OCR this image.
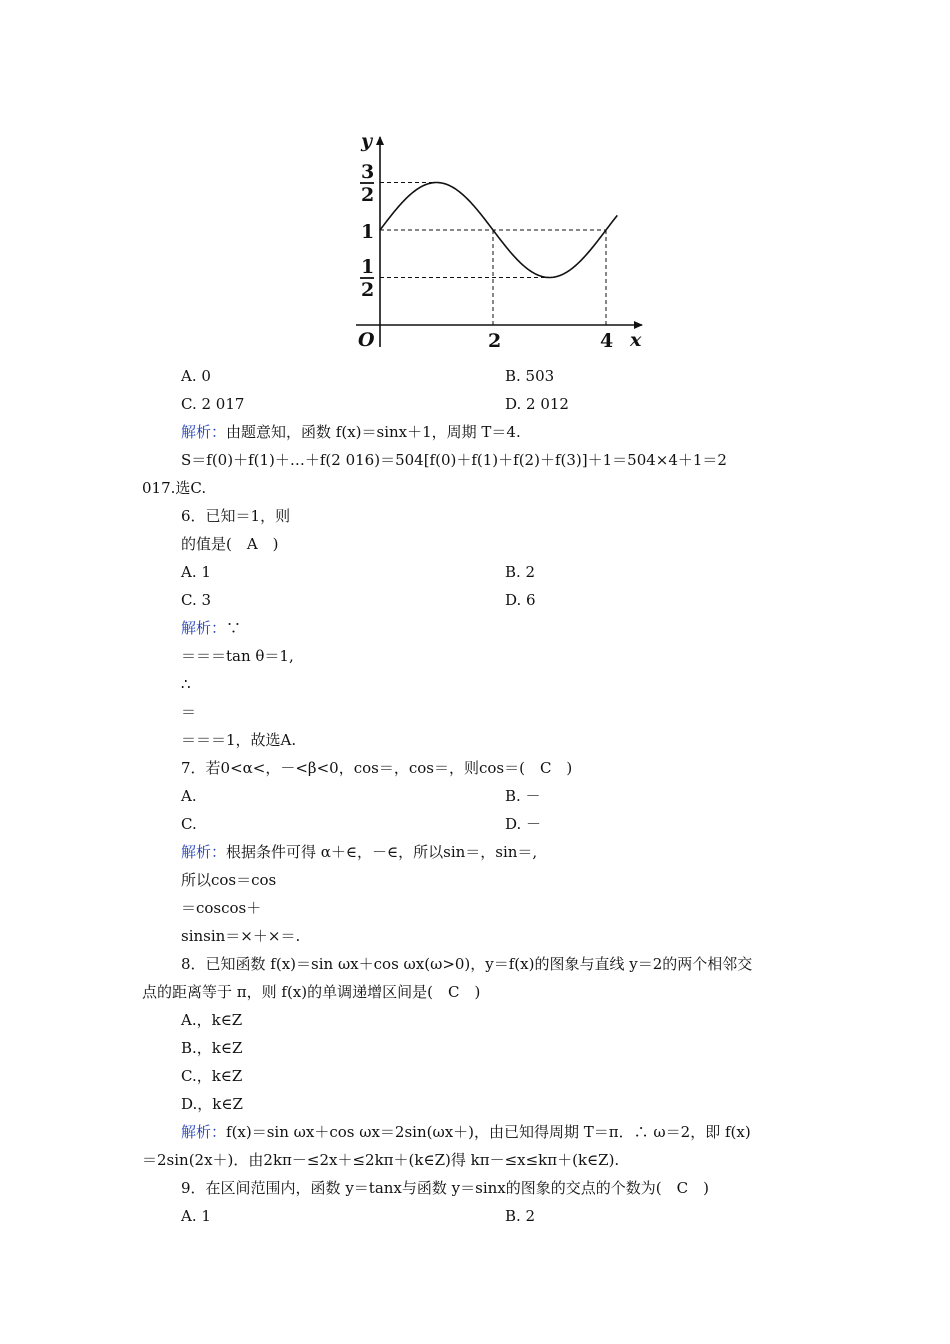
y
x
O	2	4
3
2
1
1
2
A. 0	B. 503
C. 2 017	D. 2 012
解析：由题意知，函数 f(x)＝sinx＋1，周期 T＝4.
S＝f(0)＋f(1)＋…＋f(2 016)＝504[f(0)＋f(1)＋f(2)＋f(3)]＋1＝504×4＋1＝2
017.选C.
6．已知＝1，则
的值是(　A　)
A. 1	B. 2
C. 3	D. 6
解析：∵
＝＝＝tan θ＝1,
∴
＝
＝＝＝1，故选A.
7．若0<α<，－<β<0，cos＝，cos＝，则cos＝(　C　)
A.	B. －
C.	D. －
解析：根据条件可得 α＋∈，－∈，所以sin＝，sin＝,
所以cos＝cos
＝coscos＋
sinsin＝×＋×＝.
8．已知函数 f(x)＝sin ωx＋cos ωx(ω>0)，y＝f(x)的图象与直线 y＝2的两个相邻交
点的距离等于 π，则 f(x)的单调递增区间是(　C　)
A.，k∈Z
B.，k∈Z
C.，k∈Z
D.，k∈Z
解析：f(x)＝sin ωx＋cos ωx＝2sin(ωx＋)，由已知得周期 T＝π．∴ ω＝2，即 f(x)
＝2sin(2x＋)．由2kπ－≤2x＋≤2kπ＋(k∈Z)得 kπ－≤x≤kπ＋(k∈Z).
9．在区间范围内，函数 y＝tanx与函数 y＝sinx的图象的交点的个数为(　C　)
A. 1	B. 2
